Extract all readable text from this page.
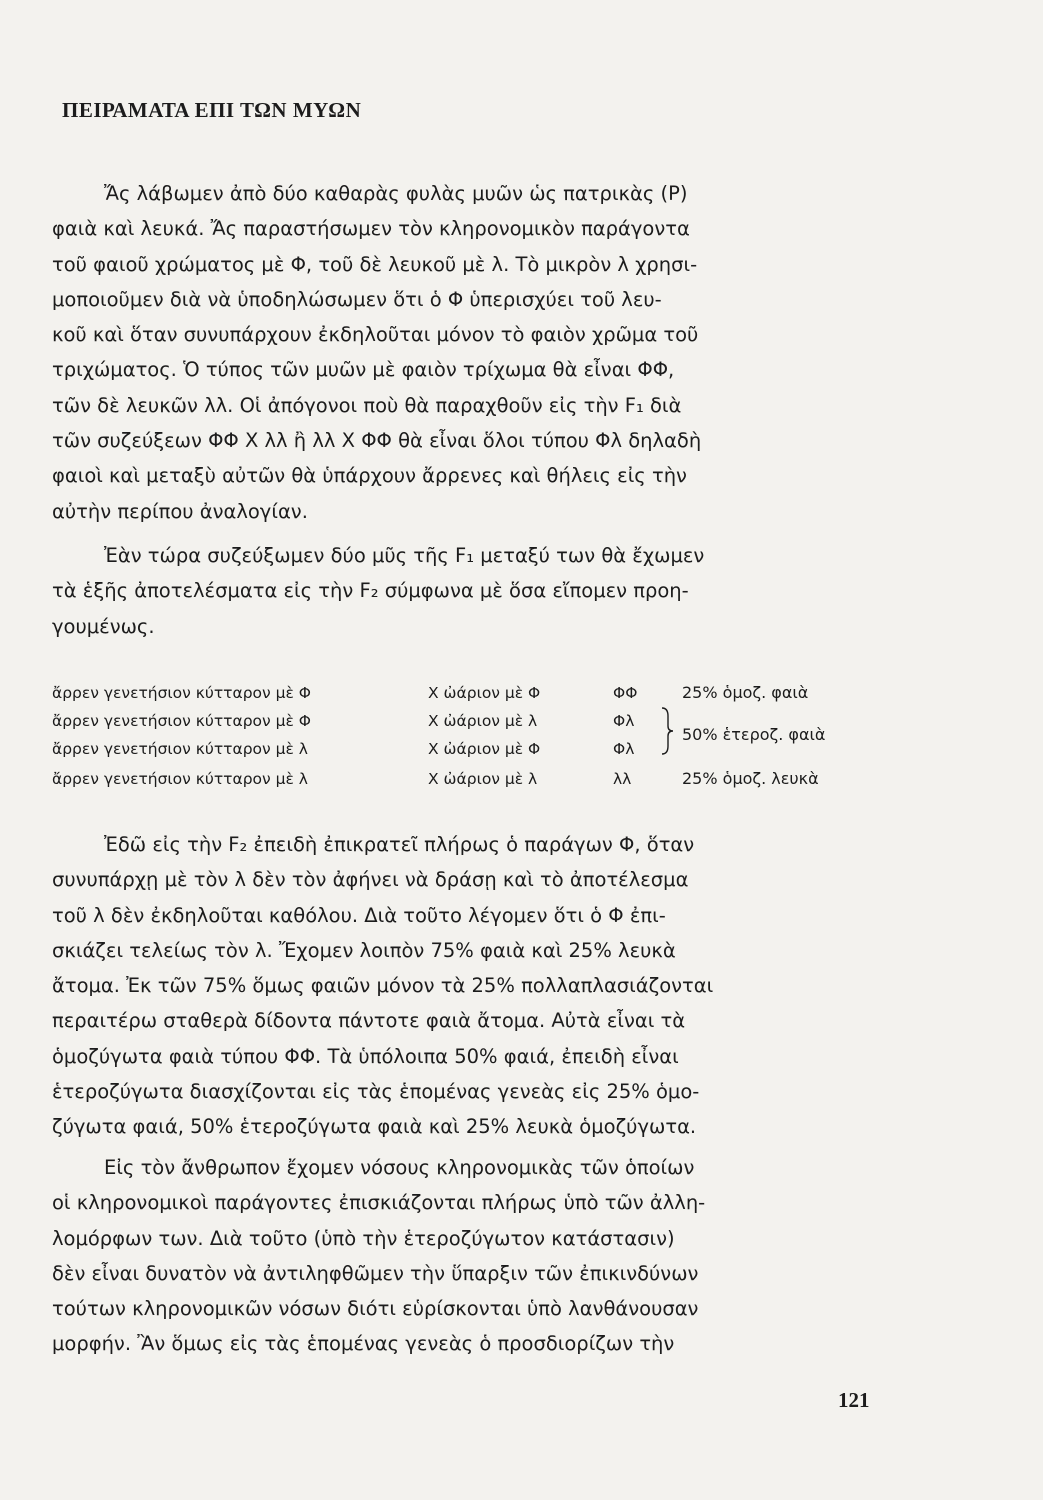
ΠΕΙΡΑΜΑΤΑ ΕΠΙ ΤΩΝ ΜΥΩΝ
Ἄς λάβωμεν ἀπὸ δύο καθαρὰς φυλὰς μυῶν ὡς πατρικὰς (Ρ)
φαιὰ καὶ λευκά. Ἄς παραστήσωμεν τὸν κληρονομικὸν παράγοντα
τοῦ φαιοῦ χρώματος μὲ Φ, τοῦ δὲ λευκοῦ μὲ λ. Τὸ μικρὸν λ χρησι-
μοποιοῦμεν διὰ νὰ ὑποδηλώσωμεν ὅτι ὁ Φ ὑπερισχύει τοῦ λευ-
κοῦ καὶ ὅταν συνυπάρχουν ἐκδηλοῦται μόνον τὸ φαιὸν χρῶμα τοῦ
τριχώματος. Ὁ τύπος τῶν μυῶν μὲ φαιὸν τρίχωμα θὰ εἶναι ΦΦ,
τῶν δὲ λευκῶν λλ. Οἱ ἀπόγονοι ποὺ θὰ παραχθοῦν εἰς τὴν F₁ διὰ
τῶν συζεύξεων ΦΦ Χ λλ ἢ λλ Χ ΦΦ θὰ εἶναι ὅλοι τύπου Φλ δηλαδὴ
φαιοὶ καὶ μεταξὺ αὐτῶν θὰ ὑπάρχουν ἄρρενες καὶ θήλεις εἰς τὴν
αὐτὴν περίπου ἀναλογίαν.
Ἐὰν τώρα συζεύξωμεν δύο μῦς τῆς F₁ μεταξύ των θὰ ἔχωμεν
τὰ ἑξῆς ἀποτελέσματα εἰς τὴν F₂ σύμφωνα μὲ ὅσα εἴπομεν προη-
γουμένως.
ἄρρεν γενετήσιον κύτταρον μὲ Φ	Χ ὠάριον μὲ Φ	ΦΦ	25% ὁμοζ. φαιὰ
ἄρρεν γενετήσιον κύτταρον μὲ Φ	Χ ὠάριον μὲ λ	Φλ
ἄρρεν γενετήσιον κύτταρον μὲ λ	Χ ὠάριον μὲ Φ	Φλ
50% ἑτεροζ. φαιὰ
ἄρρεν γενετήσιον κύτταρον μὲ λ	Χ ὠάριον μὲ λ	λλ	25% ὁμοζ. λευκὰ
Ἐδῶ εἰς τὴν F₂ ἐπειδὴ ἐπικρατεῖ πλήρως ὁ παράγων Φ, ὅταν
συνυπάρχῃ μὲ τὸν λ δὲν τὸν ἀφήνει νὰ δράσῃ καὶ τὸ ἀποτέλεσμα
τοῦ λ δὲν ἐκδηλοῦται καθόλου. Διὰ τοῦτο λέγομεν ὅτι ὁ Φ ἐπι-
σκιάζει τελείως τὸν λ. Ἔχομεν λοιπὸν 75% φαιὰ καὶ 25% λευκὰ
ἄτομα. Ἐκ τῶν 75% ὅμως φαιῶν μόνον τὰ 25% πολλαπλασιάζονται
περαιτέρω σταθερὰ δίδοντα πάντοτε φαιὰ ἄτομα. Αὐτὰ εἶναι τὰ
ὁμοζύγωτα φαιὰ τύπου ΦΦ. Τὰ ὑπόλοιπα 50% φαιά, ἐπειδὴ εἶναι
ἑτεροζύγωτα διασχίζονται εἰς τὰς ἑπομένας γενεὰς εἰς 25% ὁμο-
ζύγωτα φαιά, 50% ἑτεροζύγωτα φαιὰ καὶ 25% λευκὰ ὁμοζύγωτα.
Εἰς τὸν ἄνθρωπον ἔχομεν νόσους κληρονομικὰς τῶν ὁποίων
οἱ κληρονομικοὶ παράγοντες ἐπισκιάζονται πλήρως ὑπὸ τῶν ἀλλη-
λομόρφων των. Διὰ τοῦτο (ὑπὸ τὴν ἑτεροζύγωτον κατάστασιν)
δὲν εἶναι δυνατὸν νὰ ἀντιληφθῶμεν τὴν ὕπαρξιν τῶν ἐπικινδύνων
τούτων κληρονομικῶν νόσων διότι εὑρίσκονται ὑπὸ λανθάνουσαν
μορφήν. Ἂν ὅμως εἰς τὰς ἑπομένας γενεὰς ὁ προσδιορίζων τὴν
121
